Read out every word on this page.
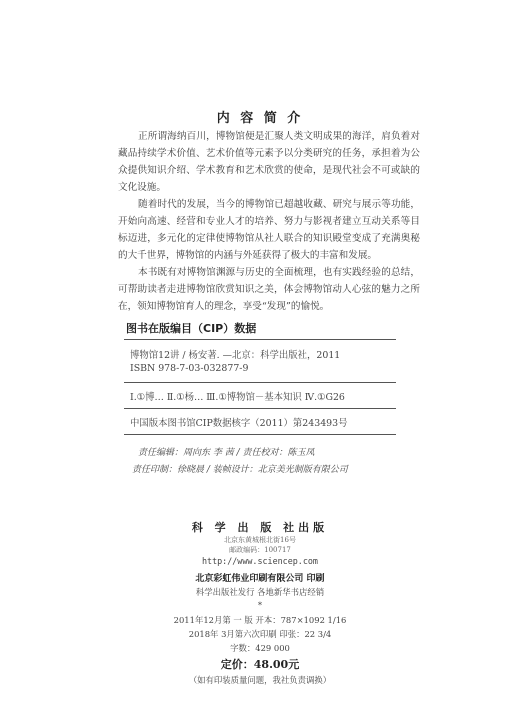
内 容 简 介

正所谓海纳百川，博物馆便是汇聚人类文明成果的海洋，肩负着对藏品持续学术价值、艺术价值等元素予以分类研究的任务，承担着为公众提供知识介绍、学术教育和艺术欣赏的使命，是现代社会不可或缺的文化设施。

随着时代的发展，当今的博物馆已超越收藏、研究与展示等功能，开始向高速、经营和专业人才的培养、努力与影视者建立互动关系等目标迈进，多元化的定律使博物馆从社人联合的知识殿堂变成了充满奥秘的大千世界，博物馆的内涵与外延获得了极大的丰富和发展。

本书既有对博物馆渊源与历史的全面梳理，也有实践经验的总结，可帮助读者走进博物馆欣赏知识之美，体会博物馆动人心弦的魅力之所在，领知博物馆育人的理念，享受“发现”的愉悦。

图书在版编目（CIP）数据
博物馆12讲 / 杨安著. —北京：科学出版社，2011
ISBN 978-7-03-032877-9
Ⅰ.①博… Ⅱ.①杨… Ⅲ.①博物馆－基本知识 Ⅳ.①G26
中国版本图书馆CIP数据核字（2011）第243493号
责任编辑：周向东 李 茜 / 责任校对：陈玉凤
责任印制：徐晓晨 / 装帧设计：北京美光制版有限公司
科 学 出 版 社出版
北京东黄城根北街16号
邮政编码：100717
http://www.sciencep.com
北京彩虹伟业印刷有限公司 印刷
科学出版社发行 各地新华书店经销
*
2011年12月第 一 版 开本：787×1092 1/16
2018年 3月第六次印刷 印张：22 3/4
字数：429 000
定价：48.00元
（如有印装质量问题，我社负责调换）
